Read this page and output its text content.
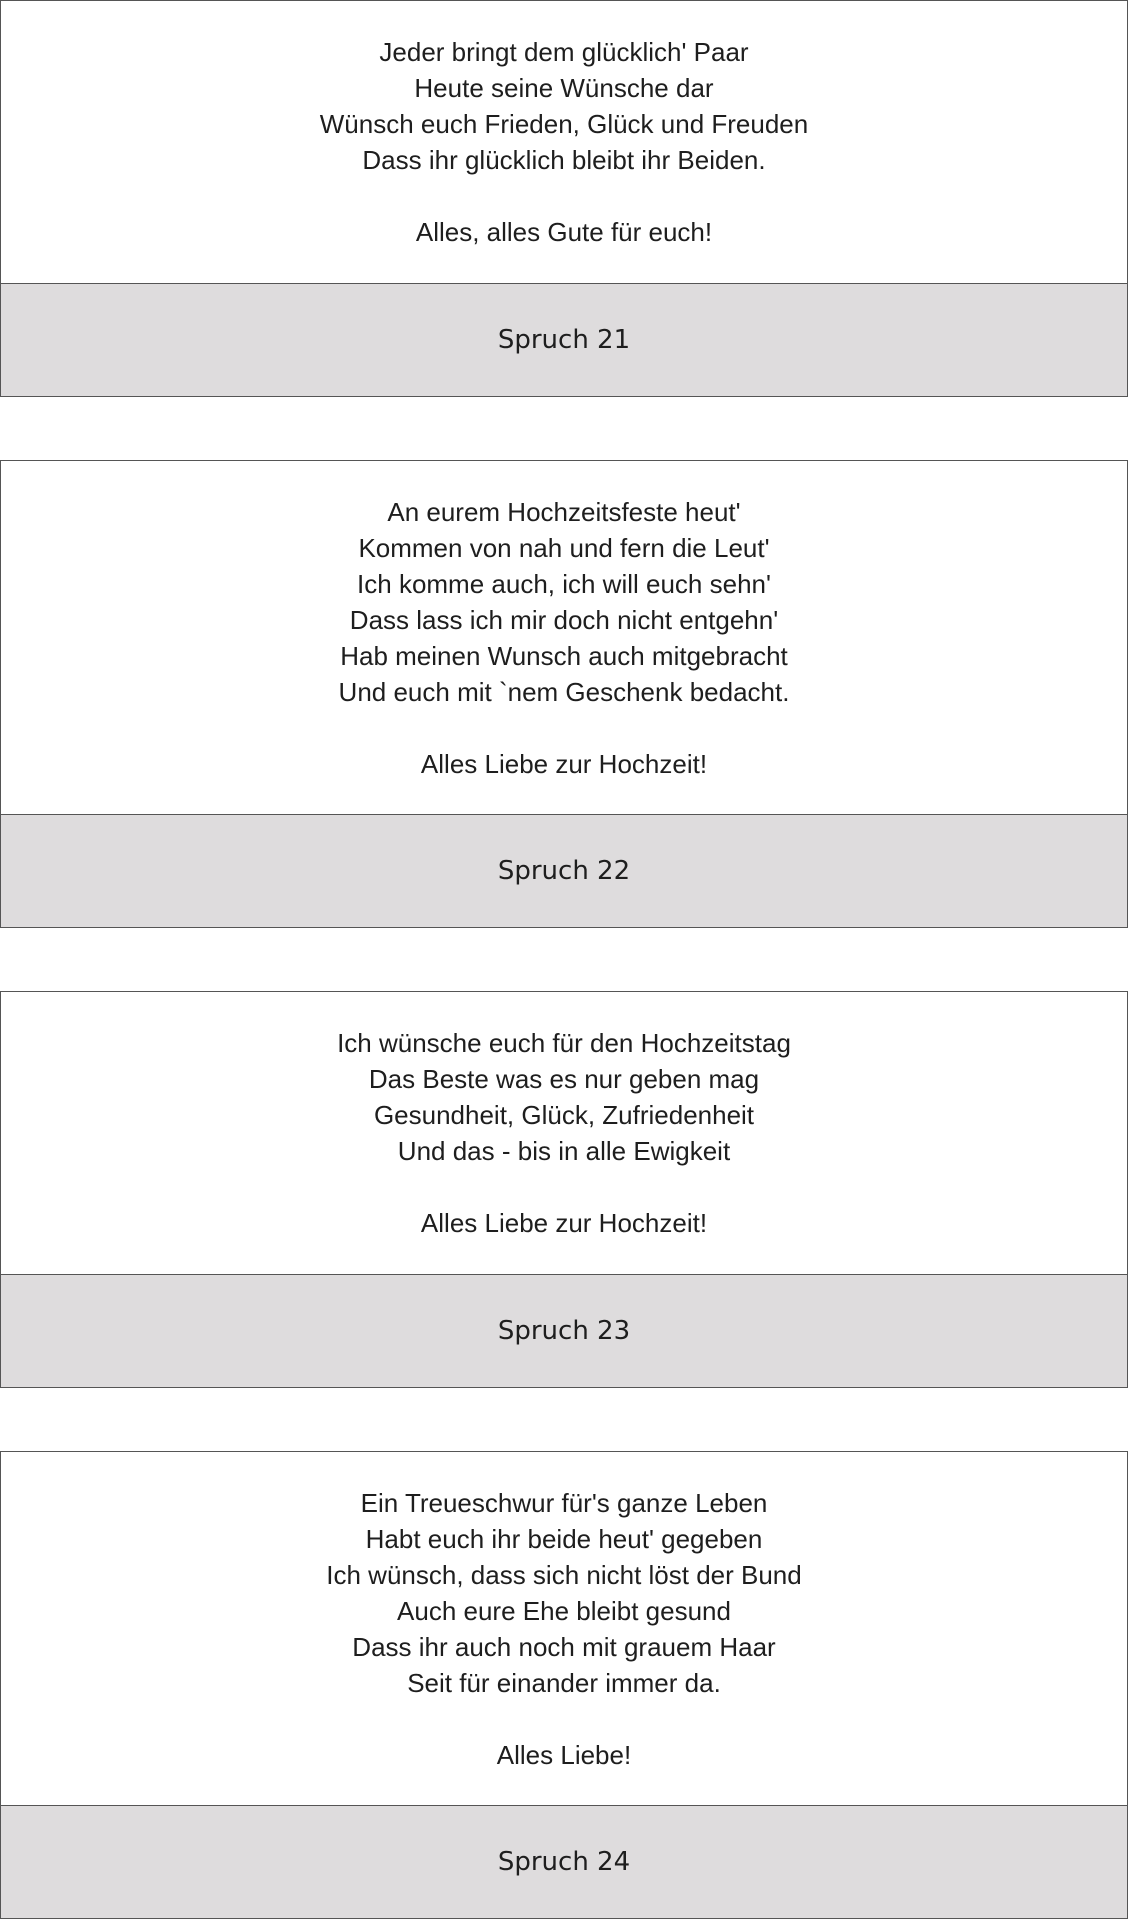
Jeder bringt dem glücklich' Paar
Heute seine Wünsche dar
Wünsch euch Frieden, Glück und Freuden
Dass ihr glücklich bleibt ihr Beiden.
Alles, alles Gute für euch!
Spruch 21
An eurem Hochzeitsfeste heut'
Kommen von nah und fern die Leut'
Ich komme auch, ich will euch sehn'
Dass lass ich mir doch nicht entgehn'
Hab meinen Wunsch auch mitgebracht
Und euch mit `nem Geschenk bedacht.
Alles Liebe zur Hochzeit!
Spruch 22
Ich wünsche euch für den Hochzeitstag
Das Beste was es nur geben mag
Gesundheit, Glück, Zufriedenheit
Und das - bis in alle Ewigkeit
Alles Liebe zur Hochzeit!
Spruch 23
Ein Treueschwur für's ganze Leben
Habt euch ihr beide heut' gegeben
Ich wünsch, dass sich nicht löst der Bund
Auch eure Ehe bleibt gesund
Dass ihr auch noch mit grauem Haar
Seit für einander immer da.
Alles Liebe!
Spruch 24
